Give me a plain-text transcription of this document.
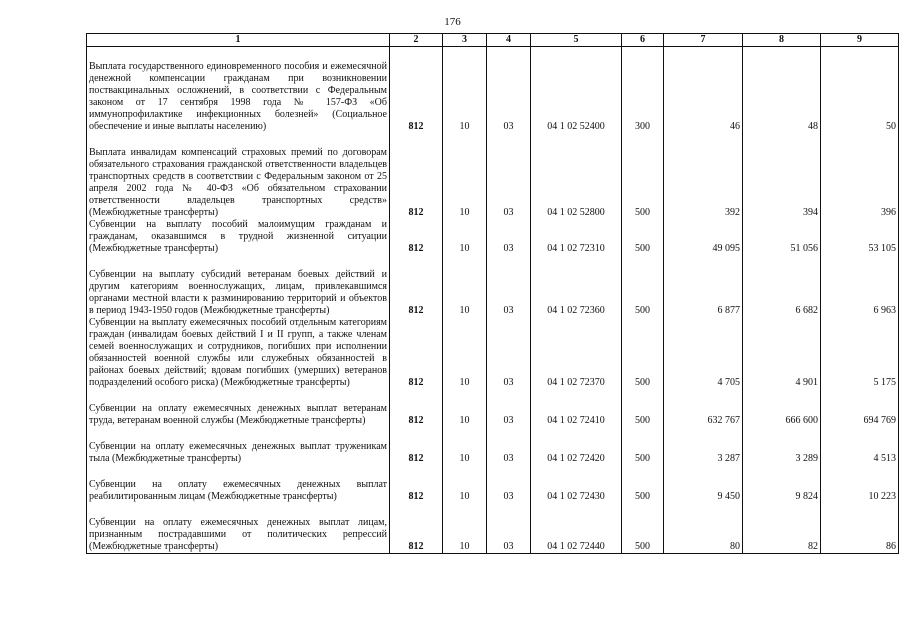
176
1	2	3	4	5	6	7	8	9

Выплата государственного единовременного пособия и ежемесячной денежной компенсации гражданам при возникновении поствакцинальных осложнений, в соответствии с Федеральным законом от 17 сентября 1998 года № 157-ФЗ «Об иммунопрофилактике инфекционных болезней» (Социальное обеспечение и иные выплаты населению)	812	10	03	04 1 02 52400	300	46	48	50

Выплата инвалидам компенсаций страховых премий по договорам обязательного страхования гражданской ответственности владельцев транспортных средств в соответствии с Федеральным законом от 25 апреля 2002 года № 40-ФЗ «Об обязательном страховании ответственности владельцев транспортных средств» (Межбюджетные трансферты)	812	10	03	04 1 02 52800	500	392	394	396
Субвенции на выплату пособий малоимущим гражданам и гражданам, оказавшимся в трудной жизненной ситуации (Межбюджетные трансферты)	812	10	03	04 1 02 72310	500	49 095	51 056	53 105

Субвенции на выплату субсидий ветеранам боевых действий и другим категориям военнослужащих, лицам, привлекавшимся органами местной власти к разминированию территорий и объектов в период 1943-1950 годов (Межбюджетные трансферты)	812	10	03	04 1 02 72360	500	6 877	6 682	6 963
Субвенции на выплату ежемесячных пособий отдельным категориям граждан (инвалидам боевых действий I и II групп, а также членам семей военнослужащих и сотрудников, погибших при исполнении обязанностей военной службы или служебных обязанностей в районах боевых действий; вдовам погибших (умерших) ветеранов подразделений особого риска) (Межбюджетные трансферты)	812	10	03	04 1 02 72370	500	4 705	4 901	5 175

Субвенции на оплату ежемесячных денежных выплат ветеранам труда, ветеранам военной службы (Межбюджетные трансферты)	812	10	03	04 1 02 72410	500	632 767	666 600	694 769

Субвенции на оплату ежемесячных денежных выплат труженикам тыла (Межбюджетные трансферты)	812	10	03	04 1 02 72420	500	3 287	3 289	4 513

Субвенции на оплату ежемесячных денежных выплат реабилитированным лицам (Межбюджетные трансферты)	812	10	03	04 1 02 72430	500	9 450	9 824	10 223

Субвенции на оплату ежемесячных денежных выплат лицам, признанным пострадавшими от политических репрессий (Межбюджетные трансферты)	812	10	03	04 1 02 72440	500	80	82	86
